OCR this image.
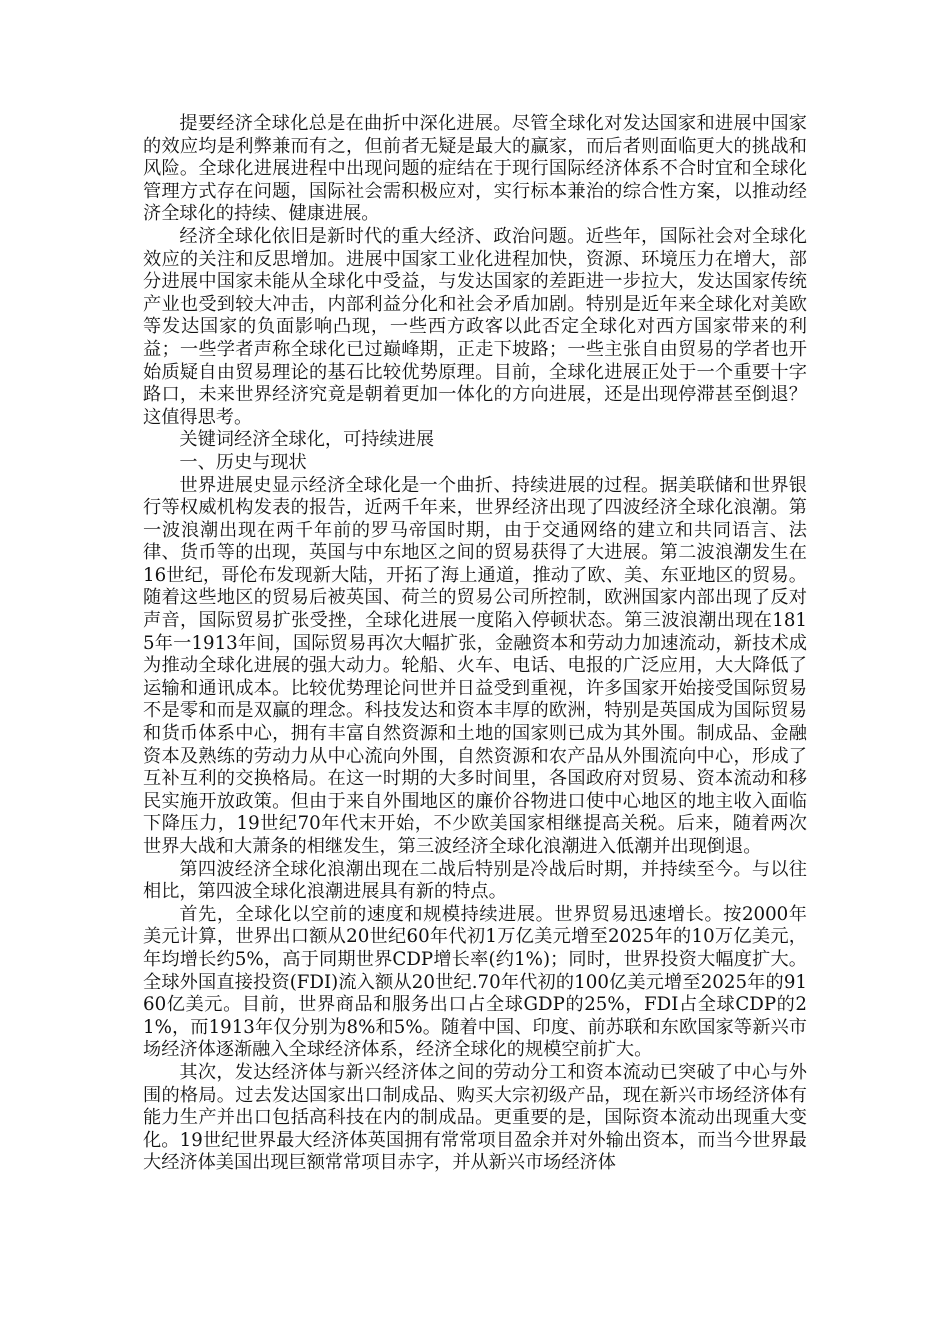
提要经济全球化总是在曲折中深化进展。尽管全球化对发达国家和进展中国家的效应均是利弊兼而有之，但前者无疑是最大的赢家，而后者则面临更大的挑战和风险。全球化进展进程中出现问题的症结在于现行国际经济体系不合时宜和全球化管理方式存在问题，国际社会需积极应对，实行标本兼治的综合性方案，以推动经济全球化的持续、健康进展。

经济全球化依旧是新时代的重大经济、政治问题。近些年，国际社会对全球化效应的关注和反思增加。进展中国家工业化进程加快，资源、环境压力在增大，部分进展中国家未能从全球化中受益，与发达国家的差距进一步拉大，发达国家传统产业也受到较大冲击，内部利益分化和社会矛盾加剧。特别是近年来全球化对美欧等发达国家的负面影响凸现，一些西方政客以此否定全球化对西方国家带来的利益；一些学者声称全球化已过巅峰期，正走下坡路；一些主张自由贸易的学者也开始质疑自由贸易理论的基石比较优势原理。目前，全球化进展正处于一个重要十字路口，未来世界经济究竟是朝着更加一体化的方向进展，还是出现停滞甚至倒退？这值得思考。

关键词经济全球化，可持续进展

一、历史与现状

世界进展史显示经济全球化是一个曲折、持续进展的过程。据美联储和世界银行等权威机构发表的报告，近两千年来，世界经济出现了四波经济全球化浪潮。第一波浪潮出现在两千年前的罗马帝国时期，由于交通网络的建立和共同语言、法律、货币等的出现，英国与中东地区之间的贸易获得了大进展。第二波浪潮发生在16世纪，哥伦布发现新大陆，开拓了海上通道，推动了欧、美、东亚地区的贸易。随着这些地区的贸易后被英国、荷兰的贸易公司所控制，欧洲国家内部出现了反对声音，国际贸易扩张受挫，全球化进展一度陷入停顿状态。第三波浪潮出现在1815年一1913年间，国际贸易再次大幅扩张，金融资本和劳动力加速流动，新技术成为推动全球化进展的强大动力。轮船、火车、电话、电报的广泛应用，大大降低了运输和通讯成本。比较优势理论问世并日益受到重视，许多国家开始接受国际贸易不是零和而是双赢的理念。科技发达和资本丰厚的欧洲，特别是英国成为国际贸易和货币体系中心，拥有丰富自然资源和土地的国家则已成为其外围。制成品、金融资本及熟练的劳动力从中心流向外围，自然资源和农产品从外围流向中心，形成了互补互利的交换格局。在这一时期的大多时间里，各国政府对贸易、资本流动和移民实施开放政策。但由于来自外围地区的廉价谷物进口使中心地区的地主收入面临下降压力，19世纪70年代末开始，不少欧美国家相继提高关税。后来，随着两次世界大战和大萧条的相继发生，第三波经济全球化浪潮进入低潮并出现倒退。

第四波经济全球化浪潮出现在二战后特别是冷战后时期，并持续至今。与以往相比，第四波全球化浪潮进展具有新的特点。

首先，全球化以空前的速度和规模持续进展。世界贸易迅速增长。按2000年美元计算，世界出口额从20世纪60年代初1万亿美元增至2025年的10万亿美元，年均增长约5%，高于同期世界CDP增长率(约1%)；同时，世界投资大幅度扩大。全球外国直接投资(FDI)流入额从20世纪.70年代初的100亿美元增至2025年的9160亿美元。目前，世界商品和服务出口占全球GDP的25%，FDI占全球CDP的21%，而1913年仅分别为8%和5%。随着中国、印度、前苏联和东欧国家等新兴市场经济体逐渐融入全球经济体系，经济全球化的规模空前扩大。

其次，发达经济体与新兴经济体之间的劳动分工和资本流动已突破了中心与外围的格局。过去发达国家出口制成品、购买大宗初级产品，现在新兴市场经济体有能力生产并出口包括高科技在内的制成品。更重要的是，国际资本流动出现重大变化。19世纪世界最大经济体英国拥有常常项目盈余并对外输出资本，而当今世界最大经济体美国出现巨额常常项目赤字，并从新兴市场经济体
